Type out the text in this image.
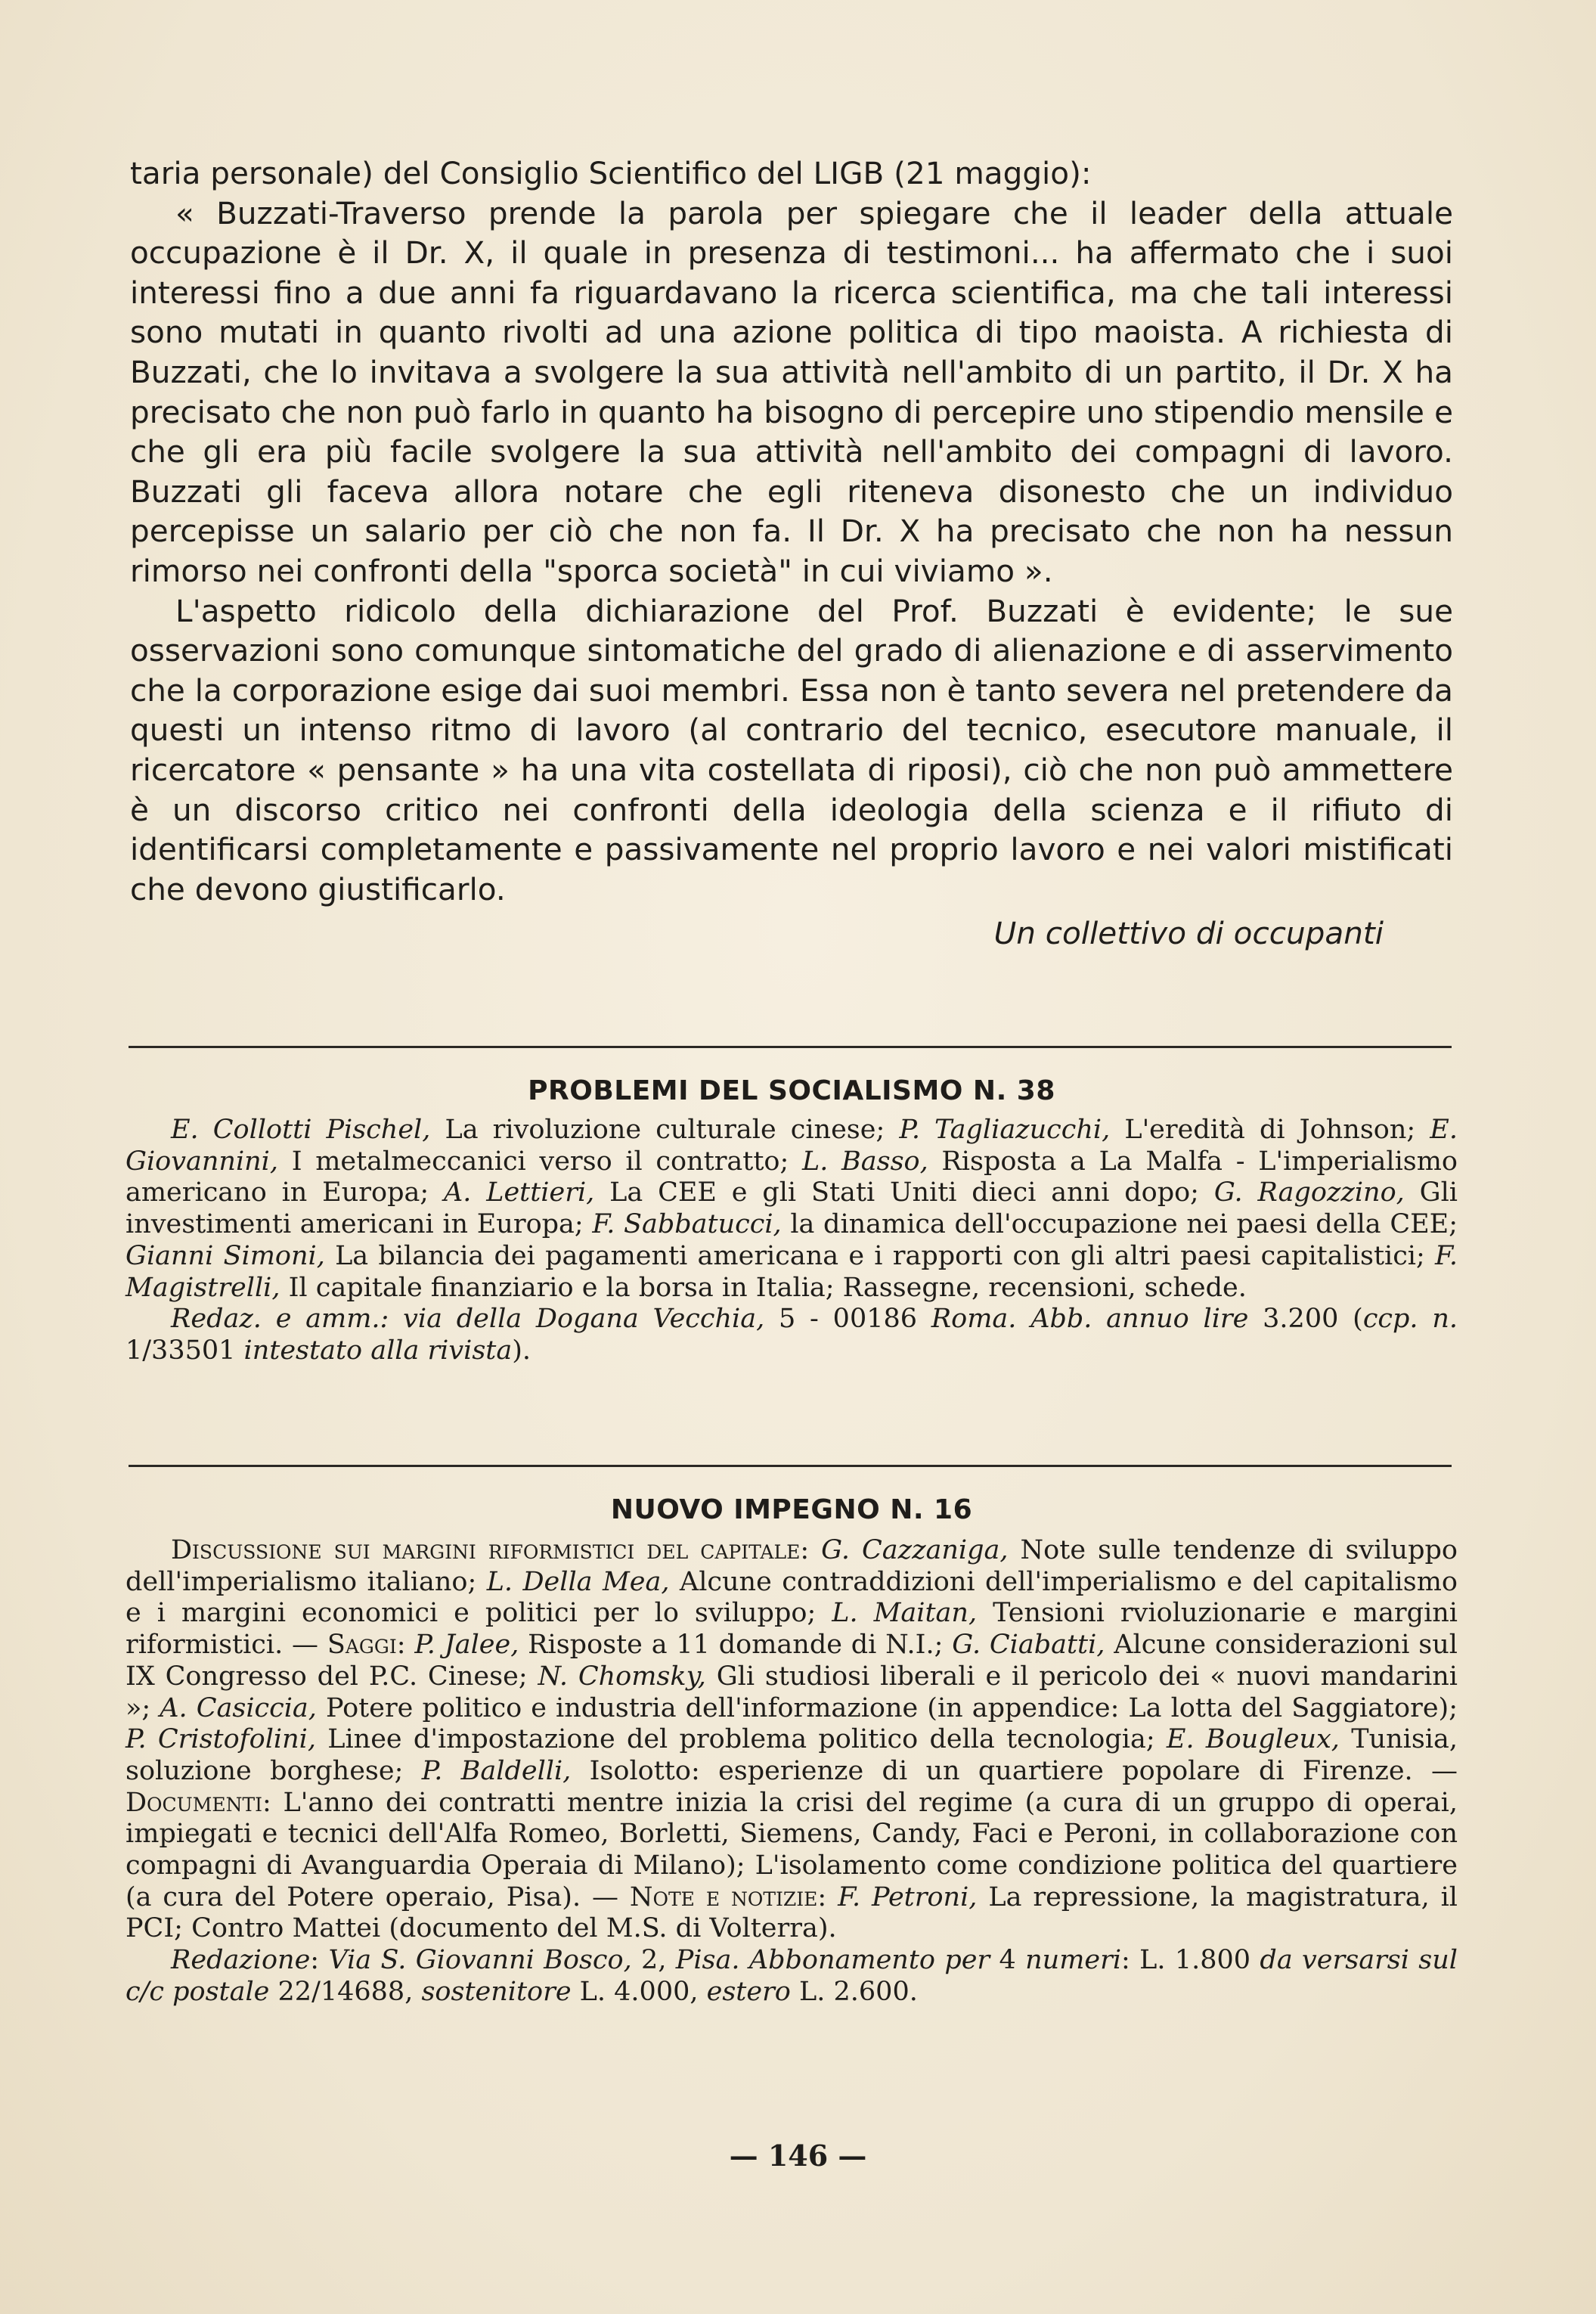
taria personale) del Consiglio Scientifico del LIGB (21 maggio):

« Buzzati-Traverso prende la parola per spiegare che il leader della attuale occupazione è il Dr. X, il quale in presenza di testimoni... ha affermato che i suoi interessi fino a due anni fa riguardavano la ricerca scientifica, ma che tali interessi sono mutati in quanto rivolti ad una azione politica di tipo maoista. A richiesta di Buzzati, che lo invitava a svolgere la sua attività nell'ambito di un partito, il Dr. X ha precisato che non può farlo in quanto ha bisogno di percepire uno stipendio mensile e che gli era più facile svolgere la sua attività nell'ambito dei compagni di lavoro. Buzzati gli faceva allora notare che egli riteneva disonesto che un individuo percepisse un salario per ciò che non fa. Il Dr. X ha precisato che non ha nessun rimorso nei confronti della "sporca società" in cui viviamo ».

L'aspetto ridicolo della dichiarazione del Prof. Buzzati è evidente; le sue osservazioni sono comunque sintomatiche del grado di alienazione e di asservimento che la corporazione esige dai suoi membri. Essa non è tanto severa nel pretendere da questi un intenso ritmo di lavoro (al contrario del tecnico, esecutore manuale, il ricercatore « pensante » ha una vita costellata di riposi), ciò che non può ammettere è un discorso critico nei confronti della ideologia della scienza e il rifiuto di identificarsi completamente e passivamente nel proprio lavoro e nei valori mistificati che devono giustificarlo.

Un collettivo di occupanti

PROBLEMI DEL SOCIALISMO N. 38

E. Collotti Pischel, La rivoluzione culturale cinese; P. Tagliazucchi, L'eredità di Johnson; E. Giovannini, I metalmeccanici verso il contratto; L. Basso, Risposta a La Malfa - L'imperialismo americano in Europa; A. Lettieri, La CEE e gli Stati Uniti dieci anni dopo; G. Ragozzino, Gli investimenti americani in Europa; F. Sabbatucci, la dinamica dell'occupazione nei paesi della CEE; Gianni Simoni, La bilancia dei pagamenti americana e i rapporti con gli altri paesi capitalistici; F. Magistrelli, Il capitale finanziario e la borsa in Italia; Rassegne, recensioni, schede.

Redaz. e amm.: via della Dogana Vecchia, 5 - 00186 Roma. Abb. annuo lire 3.200 (ccp. n. 1/33501 intestato alla rivista).

NUOVO IMPEGNO N. 16

Discussione sui margini riformistici del capitale: G. Cazzaniga, Note sulle tendenze di sviluppo dell'imperialismo italiano; L. Della Mea, Alcune contraddizioni dell'imperialismo e del capitalismo e i margini economici e politici per lo sviluppo; L. Maitan, Tensioni rvioluzionarie e margini riformistici. — Saggi: P. Jalee, Risposte a 11 domande di N.I.; G. Ciabatti, Alcune considerazioni sul IX Congresso del P.C. Cinese; N. Chomsky, Gli studiosi liberali e il pericolo dei « nuovi mandarini »; A. Casiccia, Potere politico e industria dell'informazione (in appendice: La lotta del Saggiatore); P. Cristofolini, Linee d'impostazione del problema politico della tecnologia; E. Bougleux, Tunisia, soluzione borghese; P. Baldelli, Isolotto: esperienze di un quartiere popolare di Firenze. — Documenti: L'anno dei contratti mentre inizia la crisi del regime (a cura di un gruppo di operai, impiegati e tecnici dell'Alfa Romeo, Borletti, Siemens, Candy, Faci e Peroni, in collaborazione con compagni di Avanguardia Operaia di Milano); L'isolamento come condizione politica del quartiere (a cura del Potere operaio, Pisa). — Note e notizie: F. Petroni, La repressione, la magistratura, il PCI; Contro Mattei (documento del M.S. di Volterra).

Redazione: Via S. Giovanni Bosco, 2, Pisa. Abbonamento per 4 numeri: L. 1.800 da versarsi sul c/c postale 22/14688, sostenitore L. 4.000, estero L. 2.600.

— 146 —
